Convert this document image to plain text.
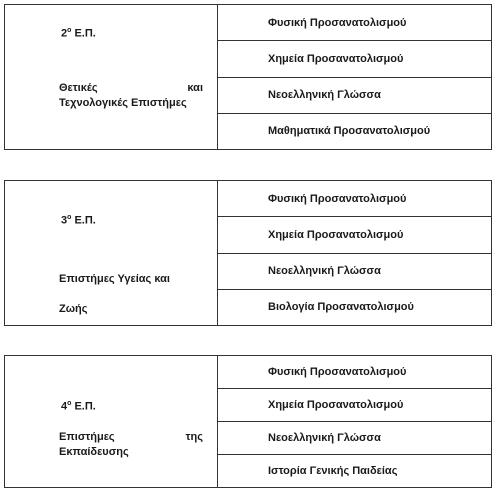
$2^o$ Ε.Π.
Θετικές και
Τεχνολογικές Επιστήμες
Φυσική Προσανατολισμού
Χημεία Προσανατολισμού
Νεοελληνική Γλώσσα
Μαθηματικά Προσανατολισμού
$3^o$ Ε.Π.
Επιστήμες Υγείας και
Ζωής
Φυσική Προσανατολισμού
Χημεία Προσανατολισμού
Νεοελληνική Γλώσσα
Βιολογία Προσανατολισμού
$4^o$ Ε.Π.
Επιστήμες της
Εκπαίδευσης
Φυσική Προσανατολισμού
Χημεία Προσανατολισμού
Νεοελληνική Γλώσσα
Ιστορία Γενικής Παιδείας
